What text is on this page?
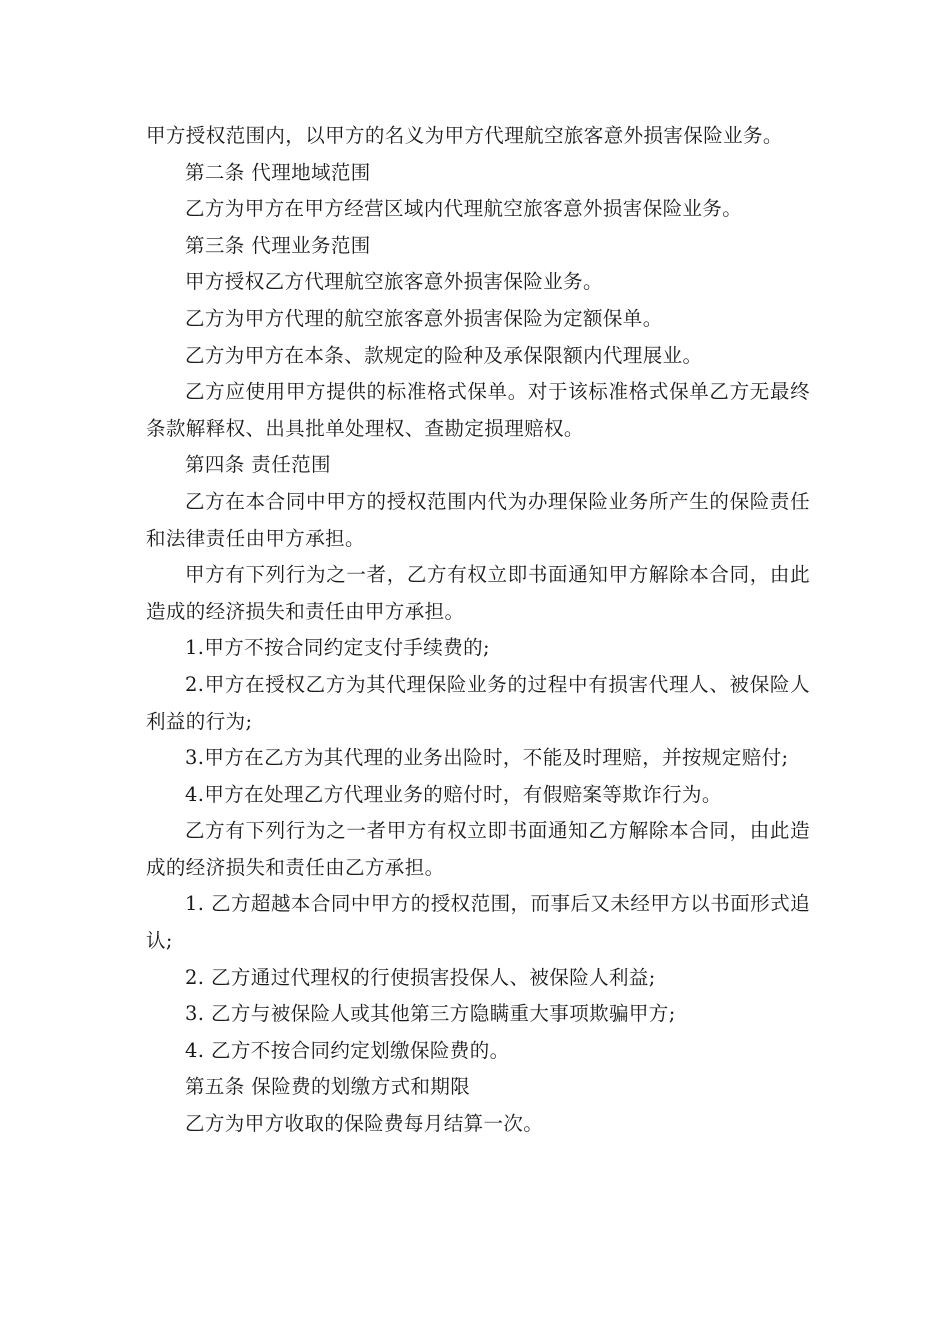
甲方授权范围内，以甲方的名义为甲方代理航空旅客意外损害保险业务。

第二条 代理地域范围

乙方为甲方在甲方经营区域内代理航空旅客意外损害保险业务。

第三条 代理业务范围

甲方授权乙方代理航空旅客意外损害保险业务。

乙方为甲方代理的航空旅客意外损害保险为定额保单。

乙方为甲方在本条、款规定的险种及承保限额内代理展业。

乙方应使用甲方提供的标准格式保单。对于该标准格式保单乙方无最终条款解释权、出具批单处理权、查勘定损理赔权。

第四条 责任范围

乙方在本合同中甲方的授权范围内代为办理保险业务所产生的保险责任和法律责任由甲方承担。

甲方有下列行为之一者，乙方有权立即书面通知甲方解除本合同，由此造成的经济损失和责任由甲方承担。

1.甲方不按合同约定支付手续费的;

2.甲方在授权乙方为其代理保险业务的过程中有损害代理人、被保险人利益的行为;

3.甲方在乙方为其代理的业务出险时，不能及时理赔，并按规定赔付;

4.甲方在处理乙方代理业务的赔付时，有假赔案等欺诈行为。

乙方有下列行为之一者甲方有权立即书面通知乙方解除本合同，由此造成的经济损失和责任由乙方承担。

1. 乙方超越本合同中甲方的授权范围，而事后又未经甲方以书面形式追认;

2. 乙方通过代理权的行使损害投保人、被保险人利益;

3. 乙方与被保险人或其他第三方隐瞒重大事项欺骗甲方;

4. 乙方不按合同约定划缴保险费的。

第五条 保险费的划缴方式和期限

乙方为甲方收取的保险费每月结算一次。
